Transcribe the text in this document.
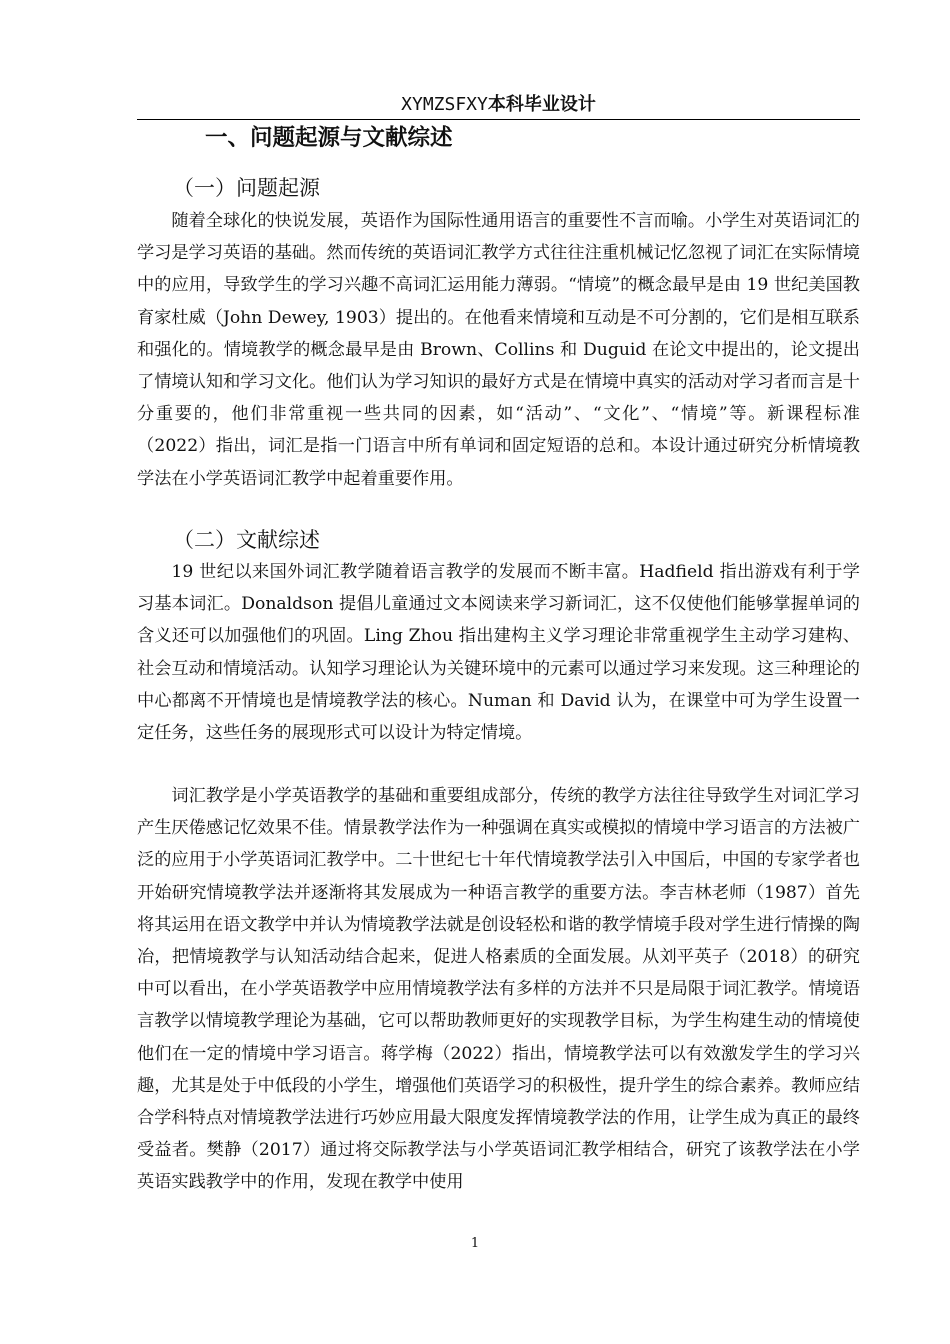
XYMZSFXY本科毕业设计
一、问题起源与文献综述
（一）问题起源

随着全球化的快说发展，英语作为国际性通用语言的重要性不言而喻。小学生对英语词汇的学习是学习英语的基础。然而传统的英语词汇教学方式往往注重机械记忆忽视了词汇在实际情境中的应用，导致学生的学习兴趣不高词汇运用能力薄弱。“情境”的概念最早是由 19 世纪美国教育家杜威（John Dewey, 1903）提出的。在他看来情境和互动是不可分割的，它们是相互联系和强化的。情境教学的概念最早是由 Brown、Collins 和 Duguid 在论文中提出的，论文提出了情境认知和学习文化。他们认为学习知识的最好方式是在情境中真实的活动对学习者而言是十分重要的，他们非常重视一些共同的因素，如“活动”、“文化”、“情境”等。新课程标准（2022）指出，词汇是指一门语言中所有单词和固定短语的总和。本设计通过研究分析情境教学法在小学英语词汇教学中起着重要作用。

（二）文献综述

19 世纪以来国外词汇教学随着语言教学的发展而不断丰富。Hadfield 指出游戏有利于学习基本词汇。Donaldson 提倡儿童通过文本阅读来学习新词汇，这不仅使他们能够掌握单词的含义还可以加强他们的巩固。Ling Zhou 指出建构主义学习理论非常重视学生主动学习建构、社会互动和情境活动。认知学习理论认为关键环境中的元素可以通过学习来发现。这三种理论的中心都离不开情境也是情境教学法的核心。Numan 和 David 认为，在课堂中可为学生设置一定任务，这些任务的展现形式可以设计为特定情境。

词汇教学是小学英语教学的基础和重要组成部分，传统的教学方法往往导致学生对词汇学习产生厌倦感记忆效果不佳。情景教学法作为一种强调在真实或模拟的情境中学习语言的方法被广泛的应用于小学英语词汇教学中。二十世纪七十年代情境教学法引入中国后，中国的专家学者也开始研究情境教学法并逐渐将其发展成为一种语言教学的重要方法。李吉林老师（1987）首先将其运用在语文教学中并认为情境教学法就是创设轻松和谐的教学情境手段对学生进行情操的陶冶，把情境教学与认知活动结合起来，促进人格素质的全面发展。从刘平英子（2018）的研究中可以看出，在小学英语教学中应用情境教学法有多样的方法并不只是局限于词汇教学。情境语言教学以情境教学理论为基础，它可以帮助教师更好的实现教学目标，为学生构建生动的情境使他们在一定的情境中学习语言。蒋学梅（2022）指出，情境教学法可以有效激发学生的学习兴趣，尤其是处于中低段的小学生，增强他们英语学习的积极性，提升学生的综合素养。教师应结合学科特点对情境教学法进行巧妙应用最大限度发挥情境教学法的作用，让学生成为真正的最终受益者。樊静（2017）通过将交际教学法与小学英语词汇教学相结合，研究了该教学法在小学英语实践教学中的作用，发现在教学中使用

1
